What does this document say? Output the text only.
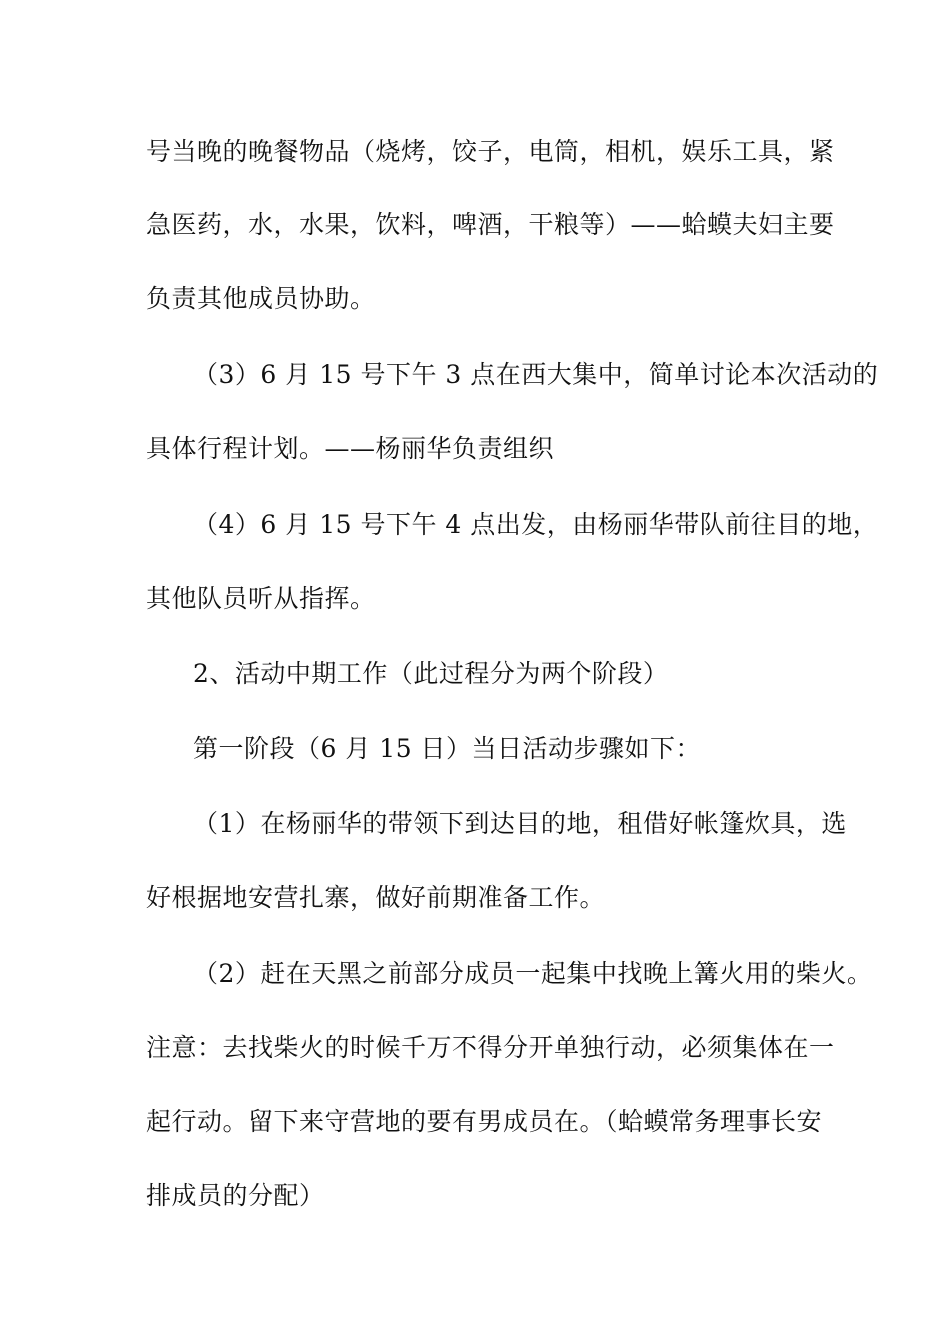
号当晚的晚餐物品（烧烤，饺子，电筒，相机，娱乐工具，紧
急医药，水，水果，饮料，啤酒，干粮等）——蛤蟆夫妇主要
负责其他成员协助。
（3）6 月 15 号下午 3 点在西大集中，简单讨论本次活动的
具体行程计划。——杨丽华负责组织
（4）6 月 15 号下午 4 点出发，由杨丽华带队前往目的地，
其他队员听从指挥。
2、活动中期工作（此过程分为两个阶段）
第一阶段（6 月 15 日）当日活动步骤如下：
（1）在杨丽华的带领下到达目的地，租借好帐篷炊具，选
好根据地安营扎寨，做好前期准备工作。
（2）赶在天黑之前部分成员一起集中找晚上篝火用的柴火。
注意：去找柴火的时候千万不得分开单独行动，必须集体在一
起行动。留下来守营地的要有男成员在。（蛤蟆常务理事长安
排成员的分配）
